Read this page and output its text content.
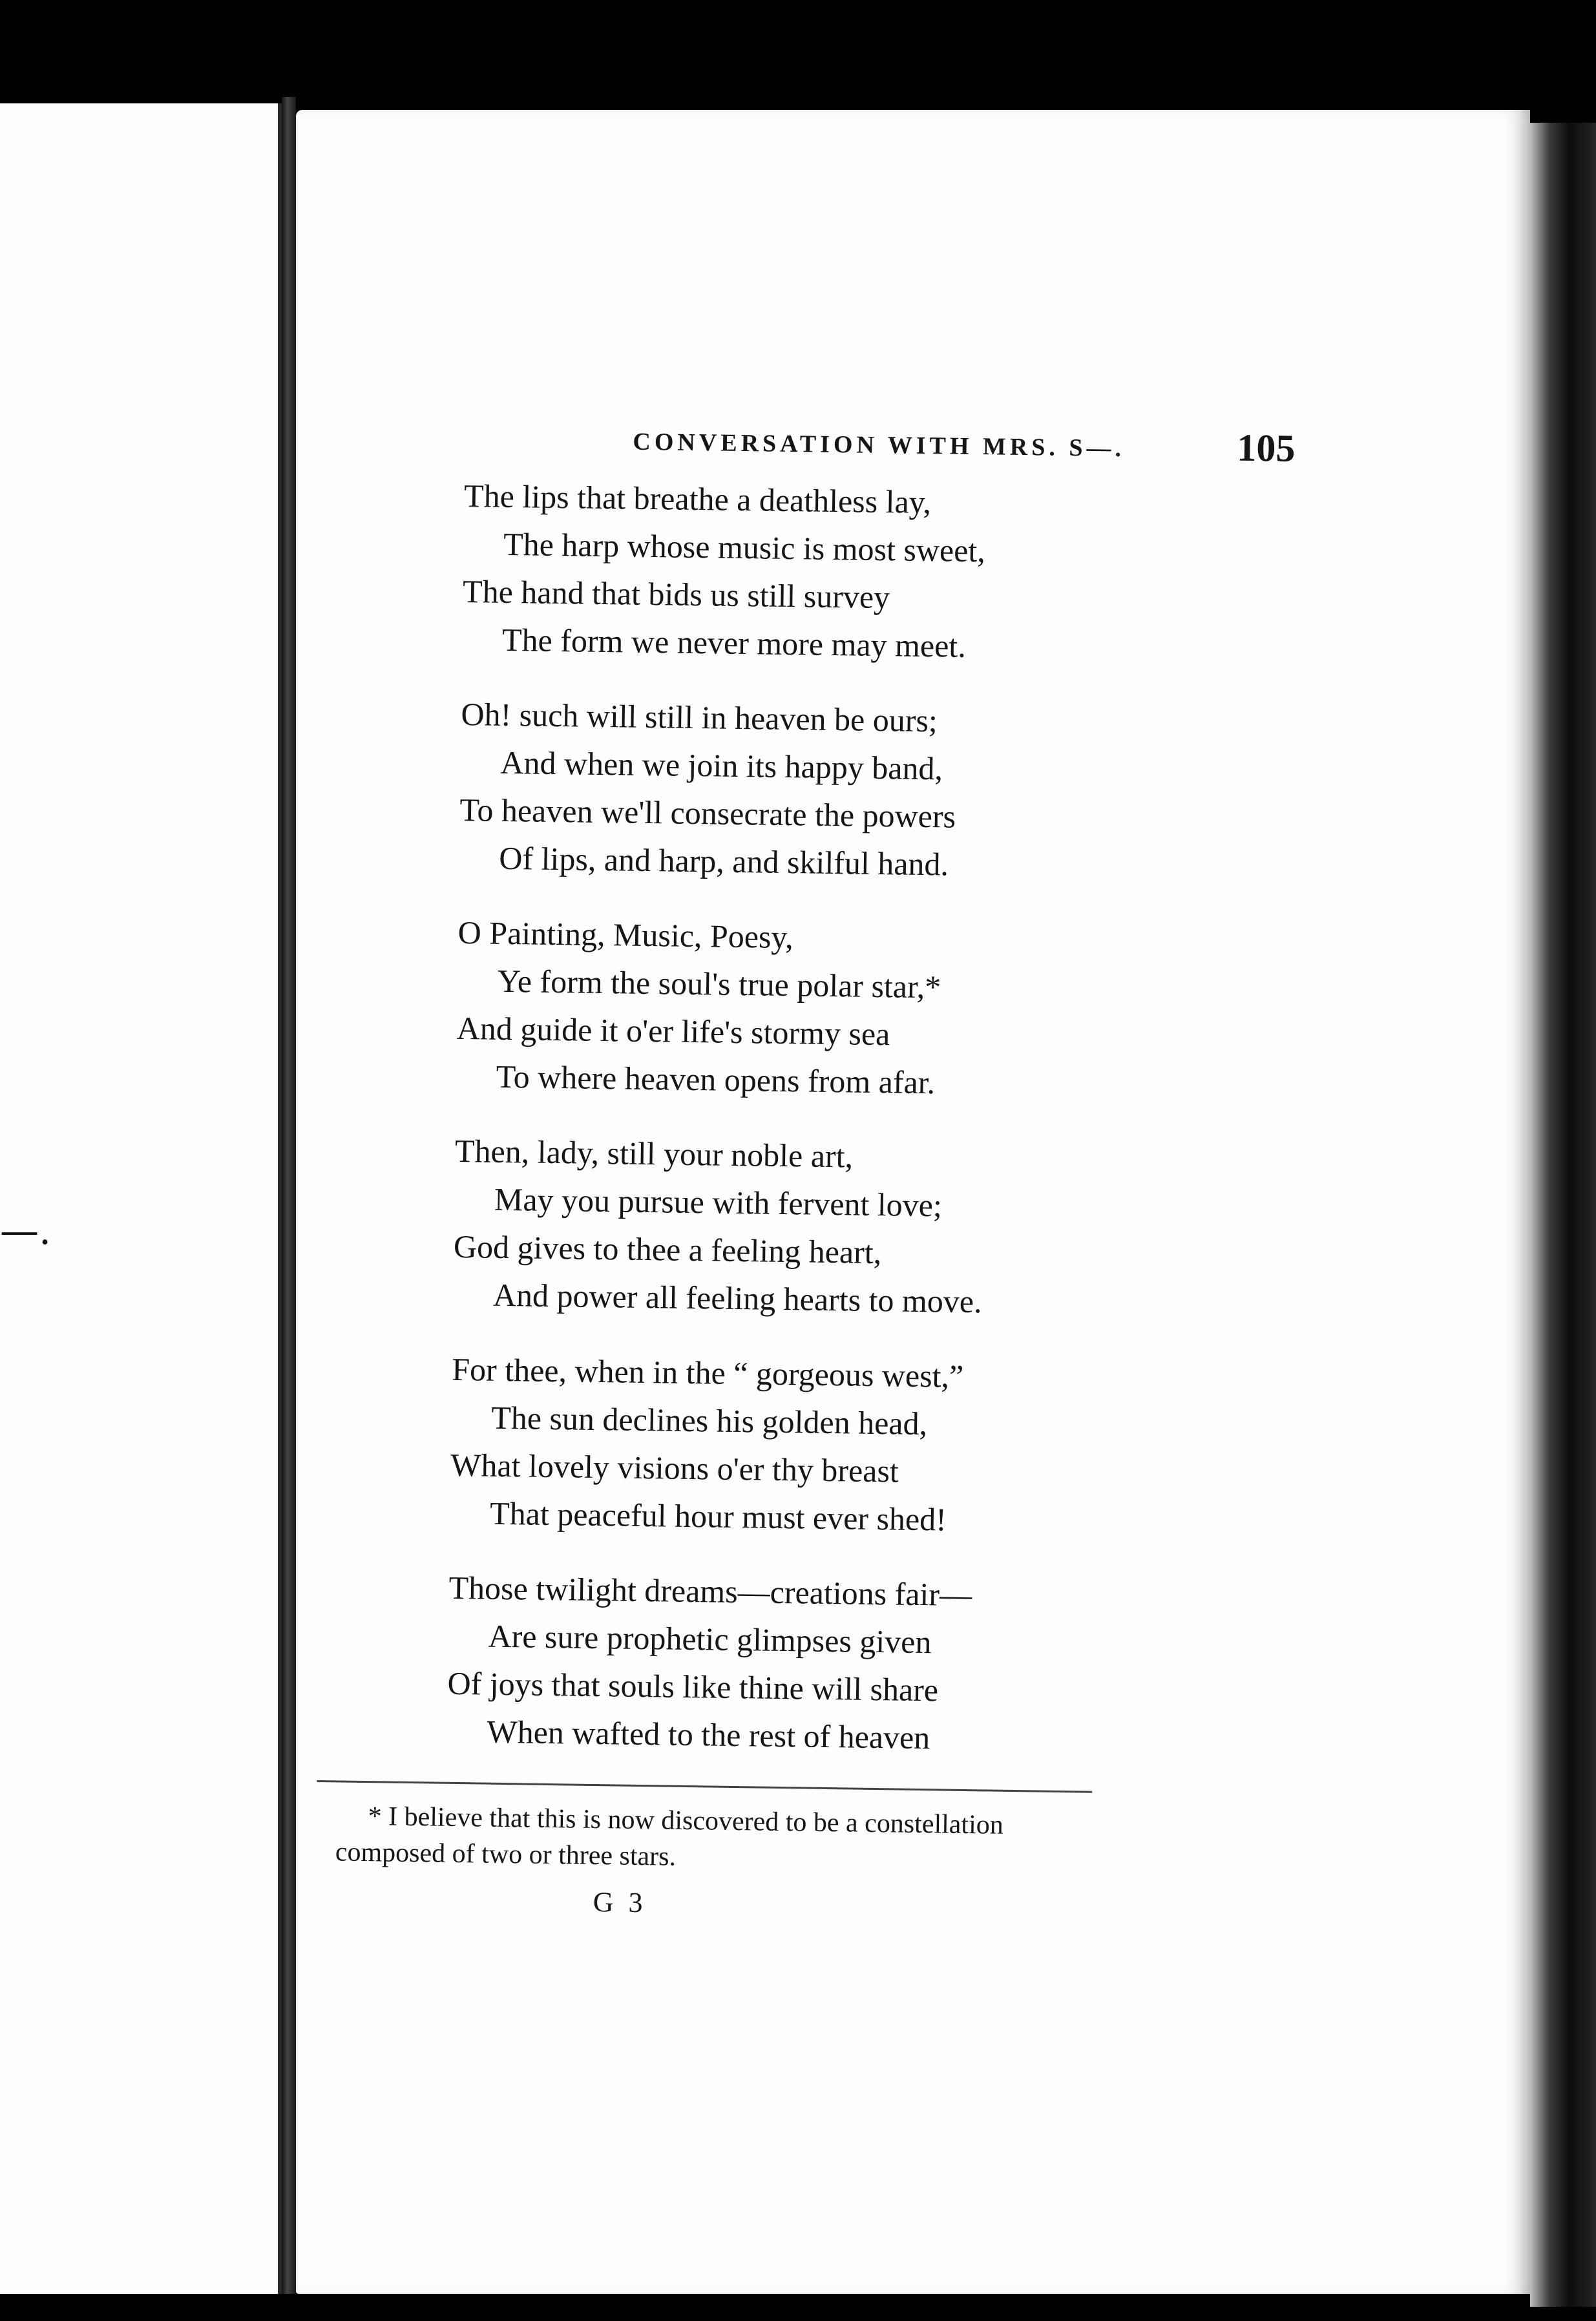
—.
CONVERSATION WITH MRS. S—.	105
The lips that breathe a deathless lay,
The harp whose music is most sweet,
The hand that bids us still survey
The form we never more may meet.
Oh! such will still in heaven be ours;
And when we join its happy band,
To heaven we'll consecrate the powers
Of lips, and harp, and skilful hand.
O Painting, Music, Poesy,
Ye form the soul's true polar star,*
And guide it o'er life's stormy sea
To where heaven opens from afar.
Then, lady, still your noble art,
May you pursue with fervent love;
God gives to thee a feeling heart,
And power all feeling hearts to move.
For thee, when in the “ gorgeous west,”
The sun declines his golden head,
What lovely visions o'er thy breast
That peaceful hour must ever shed!
Those twilight dreams—creations fair—
Are sure prophetic glimpses given
Of joys that souls like thine will share
When wafted to the rest of heaven
* I believe that this is now discovered to be a constellation
composed of two or three stars.
G 3
